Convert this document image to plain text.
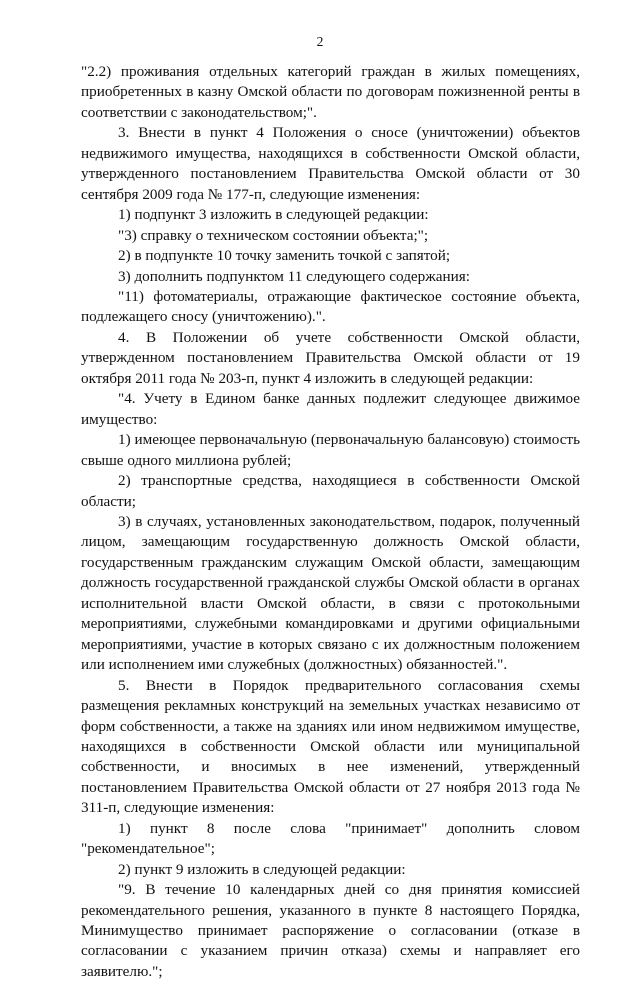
2

"2.2) проживания отдельных категорий граждан в жилых помещениях, приобретенных в казну Омской области по договорам пожизненной ренты в соответствии с законодательством;".

3. Внести в пункт 4 Положения о сносе (уничтожении) объектов недвижимого имущества, находящихся в собственности Омской области, утвержденного постановлением Правительства Омской области от 30 сентября 2009 года № 177-п, следующие изменения:

1) подпункт 3 изложить в следующей редакции:

"3) справку о техническом состоянии объекта;";

2) в подпункте 10 точку заменить точкой с запятой;

3) дополнить подпунктом 11 следующего содержания:

"11) фотоматериалы, отражающие фактическое состояние объекта, подлежащего сносу (уничтожению).".

4. В Положении об учете собственности Омской области, утвержденном постановлением Правительства Омской области от 19 октября 2011 года № 203-п, пункт 4 изложить в следующей редакции:

"4. Учету в Едином банке данных подлежит следующее движимое имущество:

1) имеющее первоначальную (первоначальную балансовую) стоимость свыше одного миллиона рублей;

2) транспортные средства, находящиеся в собственности Омской области;

3) в случаях, установленных законодательством, подарок, полученный лицом, замещающим государственную должность Омской области, государственным гражданским служащим Омской области, замещающим должность государственной гражданской службы Омской области в органах исполнительной власти Омской области, в связи с протокольными мероприятиями, служебными командировками и другими официальными мероприятиями, участие в которых связано с их должностным положением или исполнением ими служебных (должностных) обязанностей.".

5. Внести в Порядок предварительного согласования схемы размещения рекламных конструкций на земельных участках независимо от форм собственности, а также на зданиях или ином недвижимом имуществе, находящихся в собственности Омской области или муниципальной собственности, и вносимых в нее изменений, утвержденный постановлением Правительства Омской области от 27 ноября 2013 года № 311-п, следующие изменения:

1) пункт 8 после слова "принимает" дополнить словом "рекомендательное";

2) пункт 9 изложить в следующей редакции:

"9. В течение 10 календарных дней со дня принятия комиссией рекомендательного решения, указанного в пункте 8 настоящего Порядка, Минимущество принимает распоряжение о согласовании (отказе в согласовании с указанием причин отказа) схемы и направляет его заявителю.";
